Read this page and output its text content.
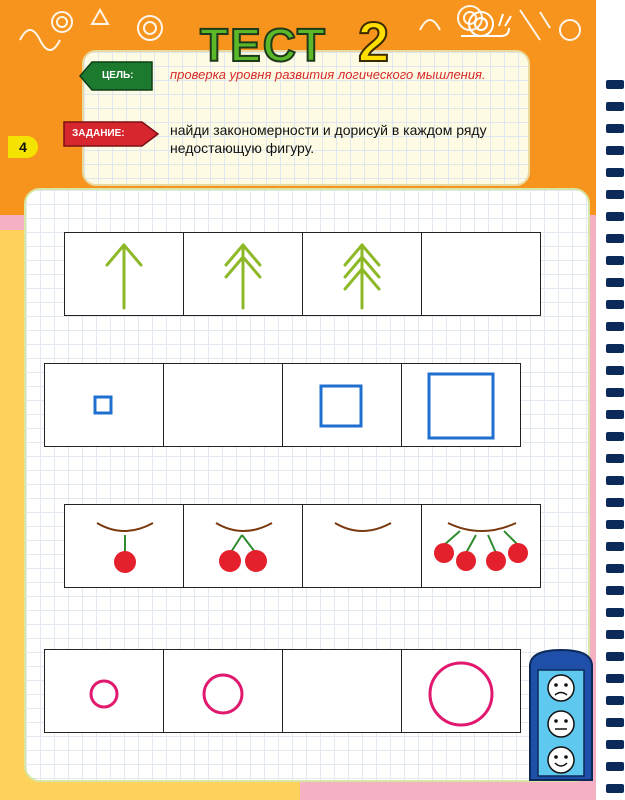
4
ТЕСТ 2
ЦЕЛЬ:
ЗАДАНИЕ:
проверка уровня развития логического мышления.
найди закономерности и дорисуй в каждом ряду недостающую фигуру.
